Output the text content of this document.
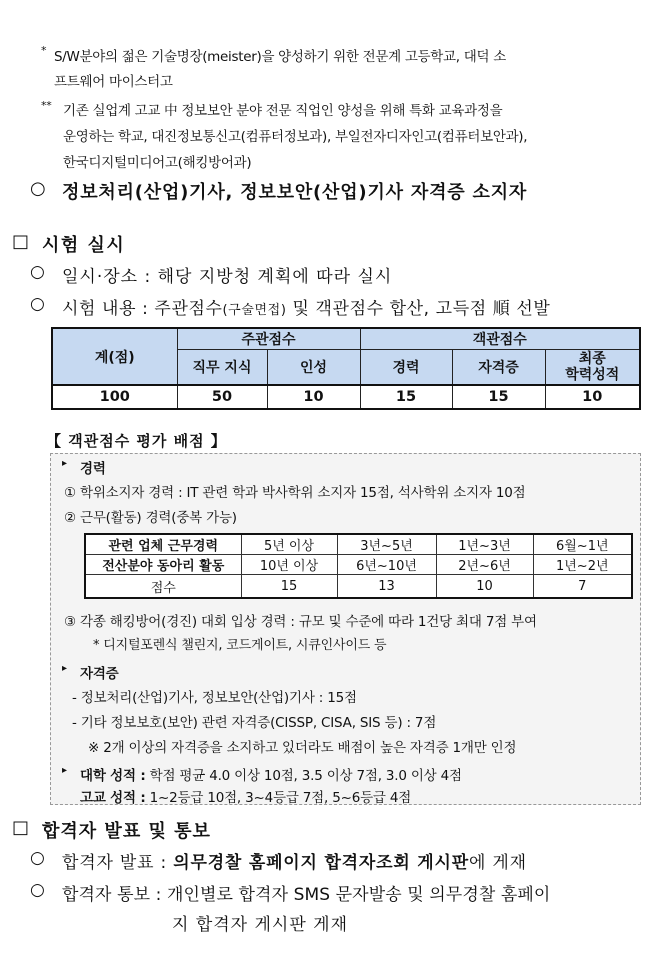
* S/W분야의 젊은 기술명장(meister)을 양성하기 위한 전문계 고등학교, 대덕 소
프트웨어 마이스터고
** 기존 실업계 고교 中 정보보안 분야 전문 직업인 양성을 위해 특화 교육과정을
운영하는 학교, 대진정보통신고(컴퓨터정보과), 부일전자디자인고(컴퓨터보안과),
한국디지털미디어고(해킹방어과)
○ 정보처리(산업)기사, 정보보안(산업)기사 자격증 소지자
□ 시험 실시
○ 일시·장소 : 해당 지방청 계획에 따라 실시
○ 시험 내용 : 주관점수(구술면접) 및 객관점수 합산, 고득점 順 선발
계(점)	주관점수		객관점수		
	직무 지식	인성	경력	자격증	최종
학력성적
100	50	10	15	15	10
【 객관점수 평가 배점 】
▸ 경력
① 학위소지자 경력 : IT 관련 학과 박사학위 소지자 15점, 석사학위 소지자 10점
② 근무(활동) 경력(중복 가능)
관련 업체 근무경력	5년 이상	3년~5년	1년~3년	6월~1년
전산분야 동아리 활동	10년 이상	6년~10년	2년~6년	1년~2년
점수	15	13	10	7
③ 각종 해킹방어(경진) 대회 입상 경력 : 규모 및 수준에 따라 1건당 최대 7점 부여
* 디지털포렌식 챌린지, 코드게이트, 시큐인사이드 등
▸ 자격증
- 정보처리(산업)기사, 정보보안(산업)기사 : 15점
- 기타 정보보호(보안) 관련 자격증(CISSP, CISA, SIS 등) : 7점
※ 2개 이상의 자격증을 소지하고 있더라도 배점이 높은 자격증 1개만 인정
▸ 대학 성적 : 학점 평균 4.0 이상 10점, 3.5 이상 7점, 3.0 이상 4점
고교 성적 : 1~2등급 10점, 3~4등급 7점, 5~6등급 4점
□ 합격자 발표 및 통보
○ 합격자 발표 : 의무경찰 홈페이지 합격자조회 게시판에 게재
○ 합격자 통보 : 개인별로 합격자 SMS 문자발송 및 의무경찰 홈페이
지 합격자 게시판 게재
